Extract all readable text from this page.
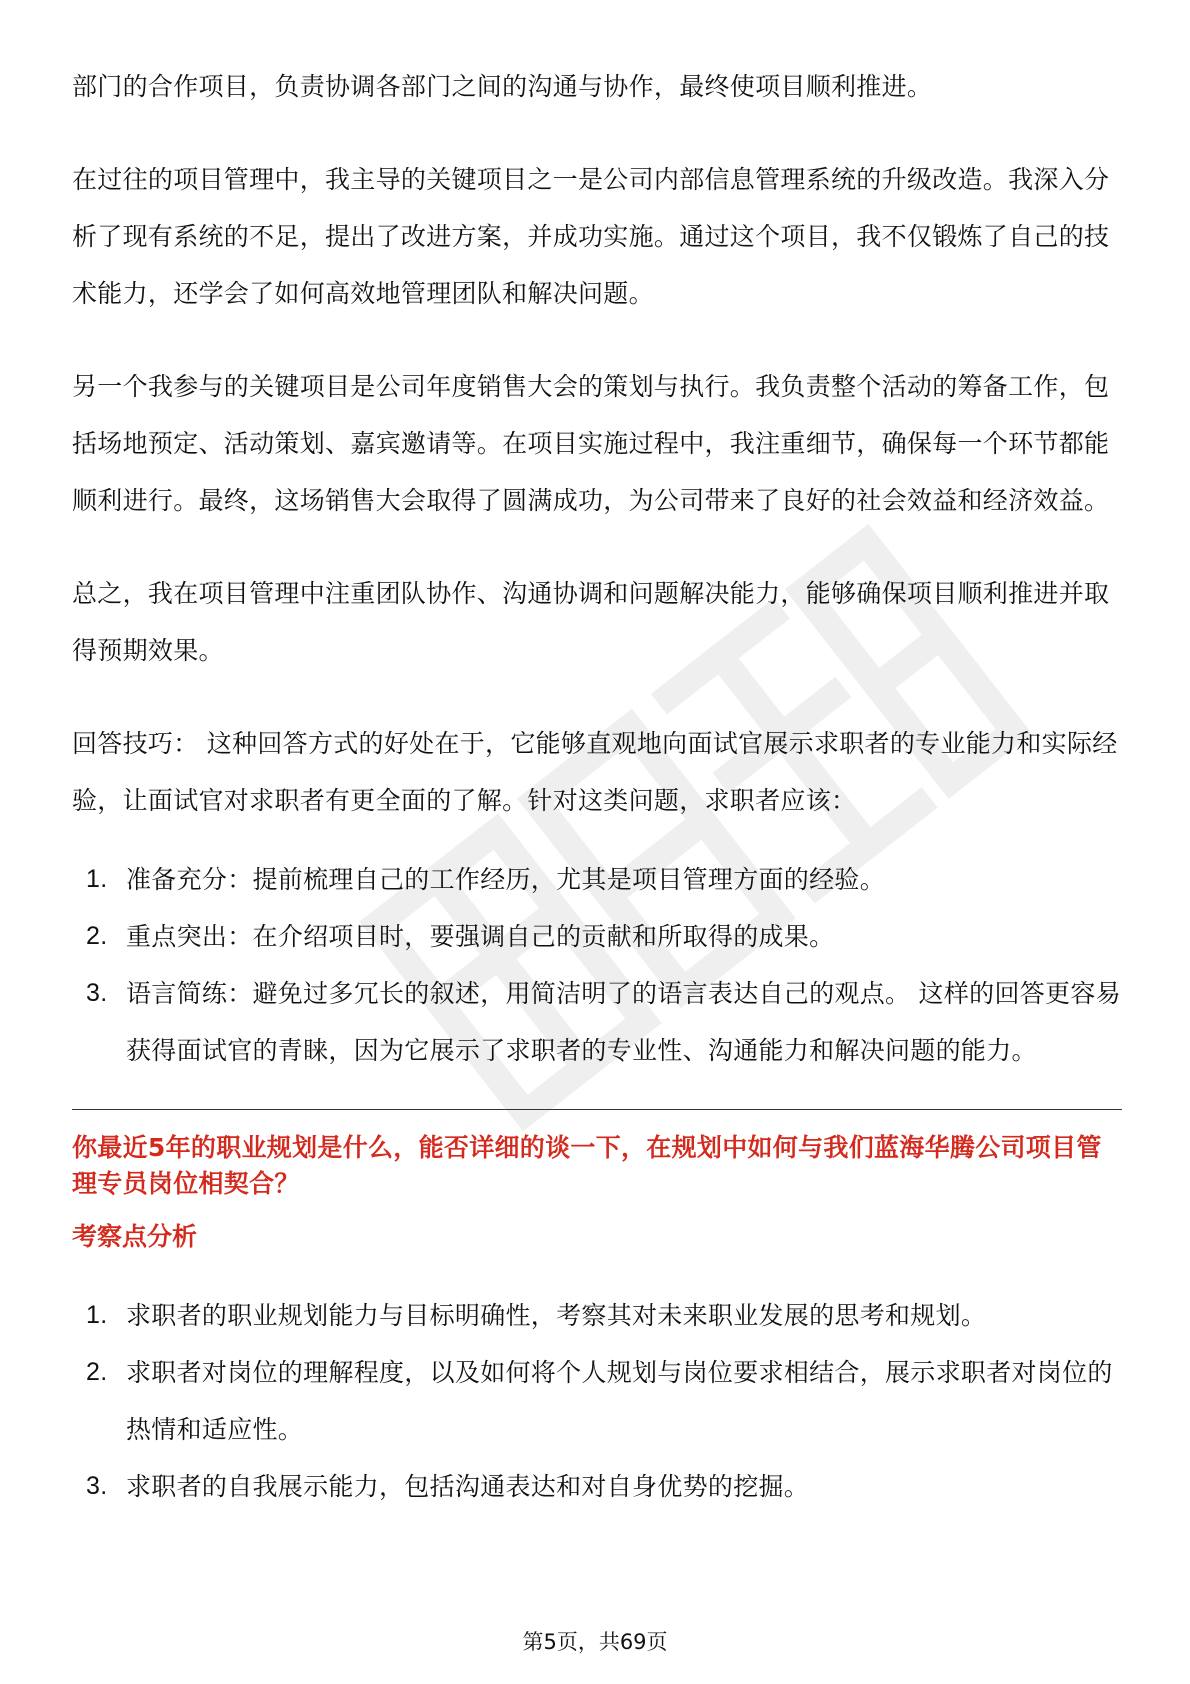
部门的合作项目，负责协调各部门之间的沟通与协作，最终使项目顺利推进。

在过往的项目管理中，我主导的关键项目之一是公司内部信息管理系统的升级改造。我深入分析了现有系统的不足，提出了改进方案，并成功实施。通过这个项目，我不仅锻炼了自己的技术能力，还学会了如何高效地管理团队和解决问题。

另一个我参与的关键项目是公司年度销售大会的策划与执行。我负责整个活动的筹备工作，包括场地预定、活动策划、嘉宾邀请等。在项目实施过程中，我注重细节，确保每一个环节都能顺利进行。最终，这场销售大会取得了圆满成功，为公司带来了良好的社会效益和经济效益。

总之，我在项目管理中注重团队协作、沟通协调和问题解决能力，能够确保项目顺利推进并取得预期效果。

回答技巧： 这种回答方式的好处在于，它能够直观地向面试官展示求职者的专业能力和实际经验，让面试官对求职者有更全面的了解。针对这类问题，求职者应该：

1. 准备充分：提前梳理自己的工作经历，尤其是项目管理方面的经验。
2. 重点突出：在介绍项目时，要强调自己的贡献和所取得的成果。
3. 语言简练：避免过多冗长的叙述，用简洁明了的语言表达自己的观点。 这样的回答更容易获得面试官的青睐，因为它展示了求职者的专业性、沟通能力和解决问题的能力。
你最近5年的职业规划是什么，能否详细的谈一下，在规划中如何与我们蓝海华腾公司项目管理专员岗位相契合？
考察点分析
1. 求职者的职业规划能力与目标明确性，考察其对未来职业发展的思考和规划。
2. 求职者对岗位的理解程度，以及如何将个人规划与岗位要求相结合，展示求职者对岗位的热情和适应性。
3. 求职者的自我展示能力，包括沟通表达和对自身优势的挖掘。
第5页，共69页
